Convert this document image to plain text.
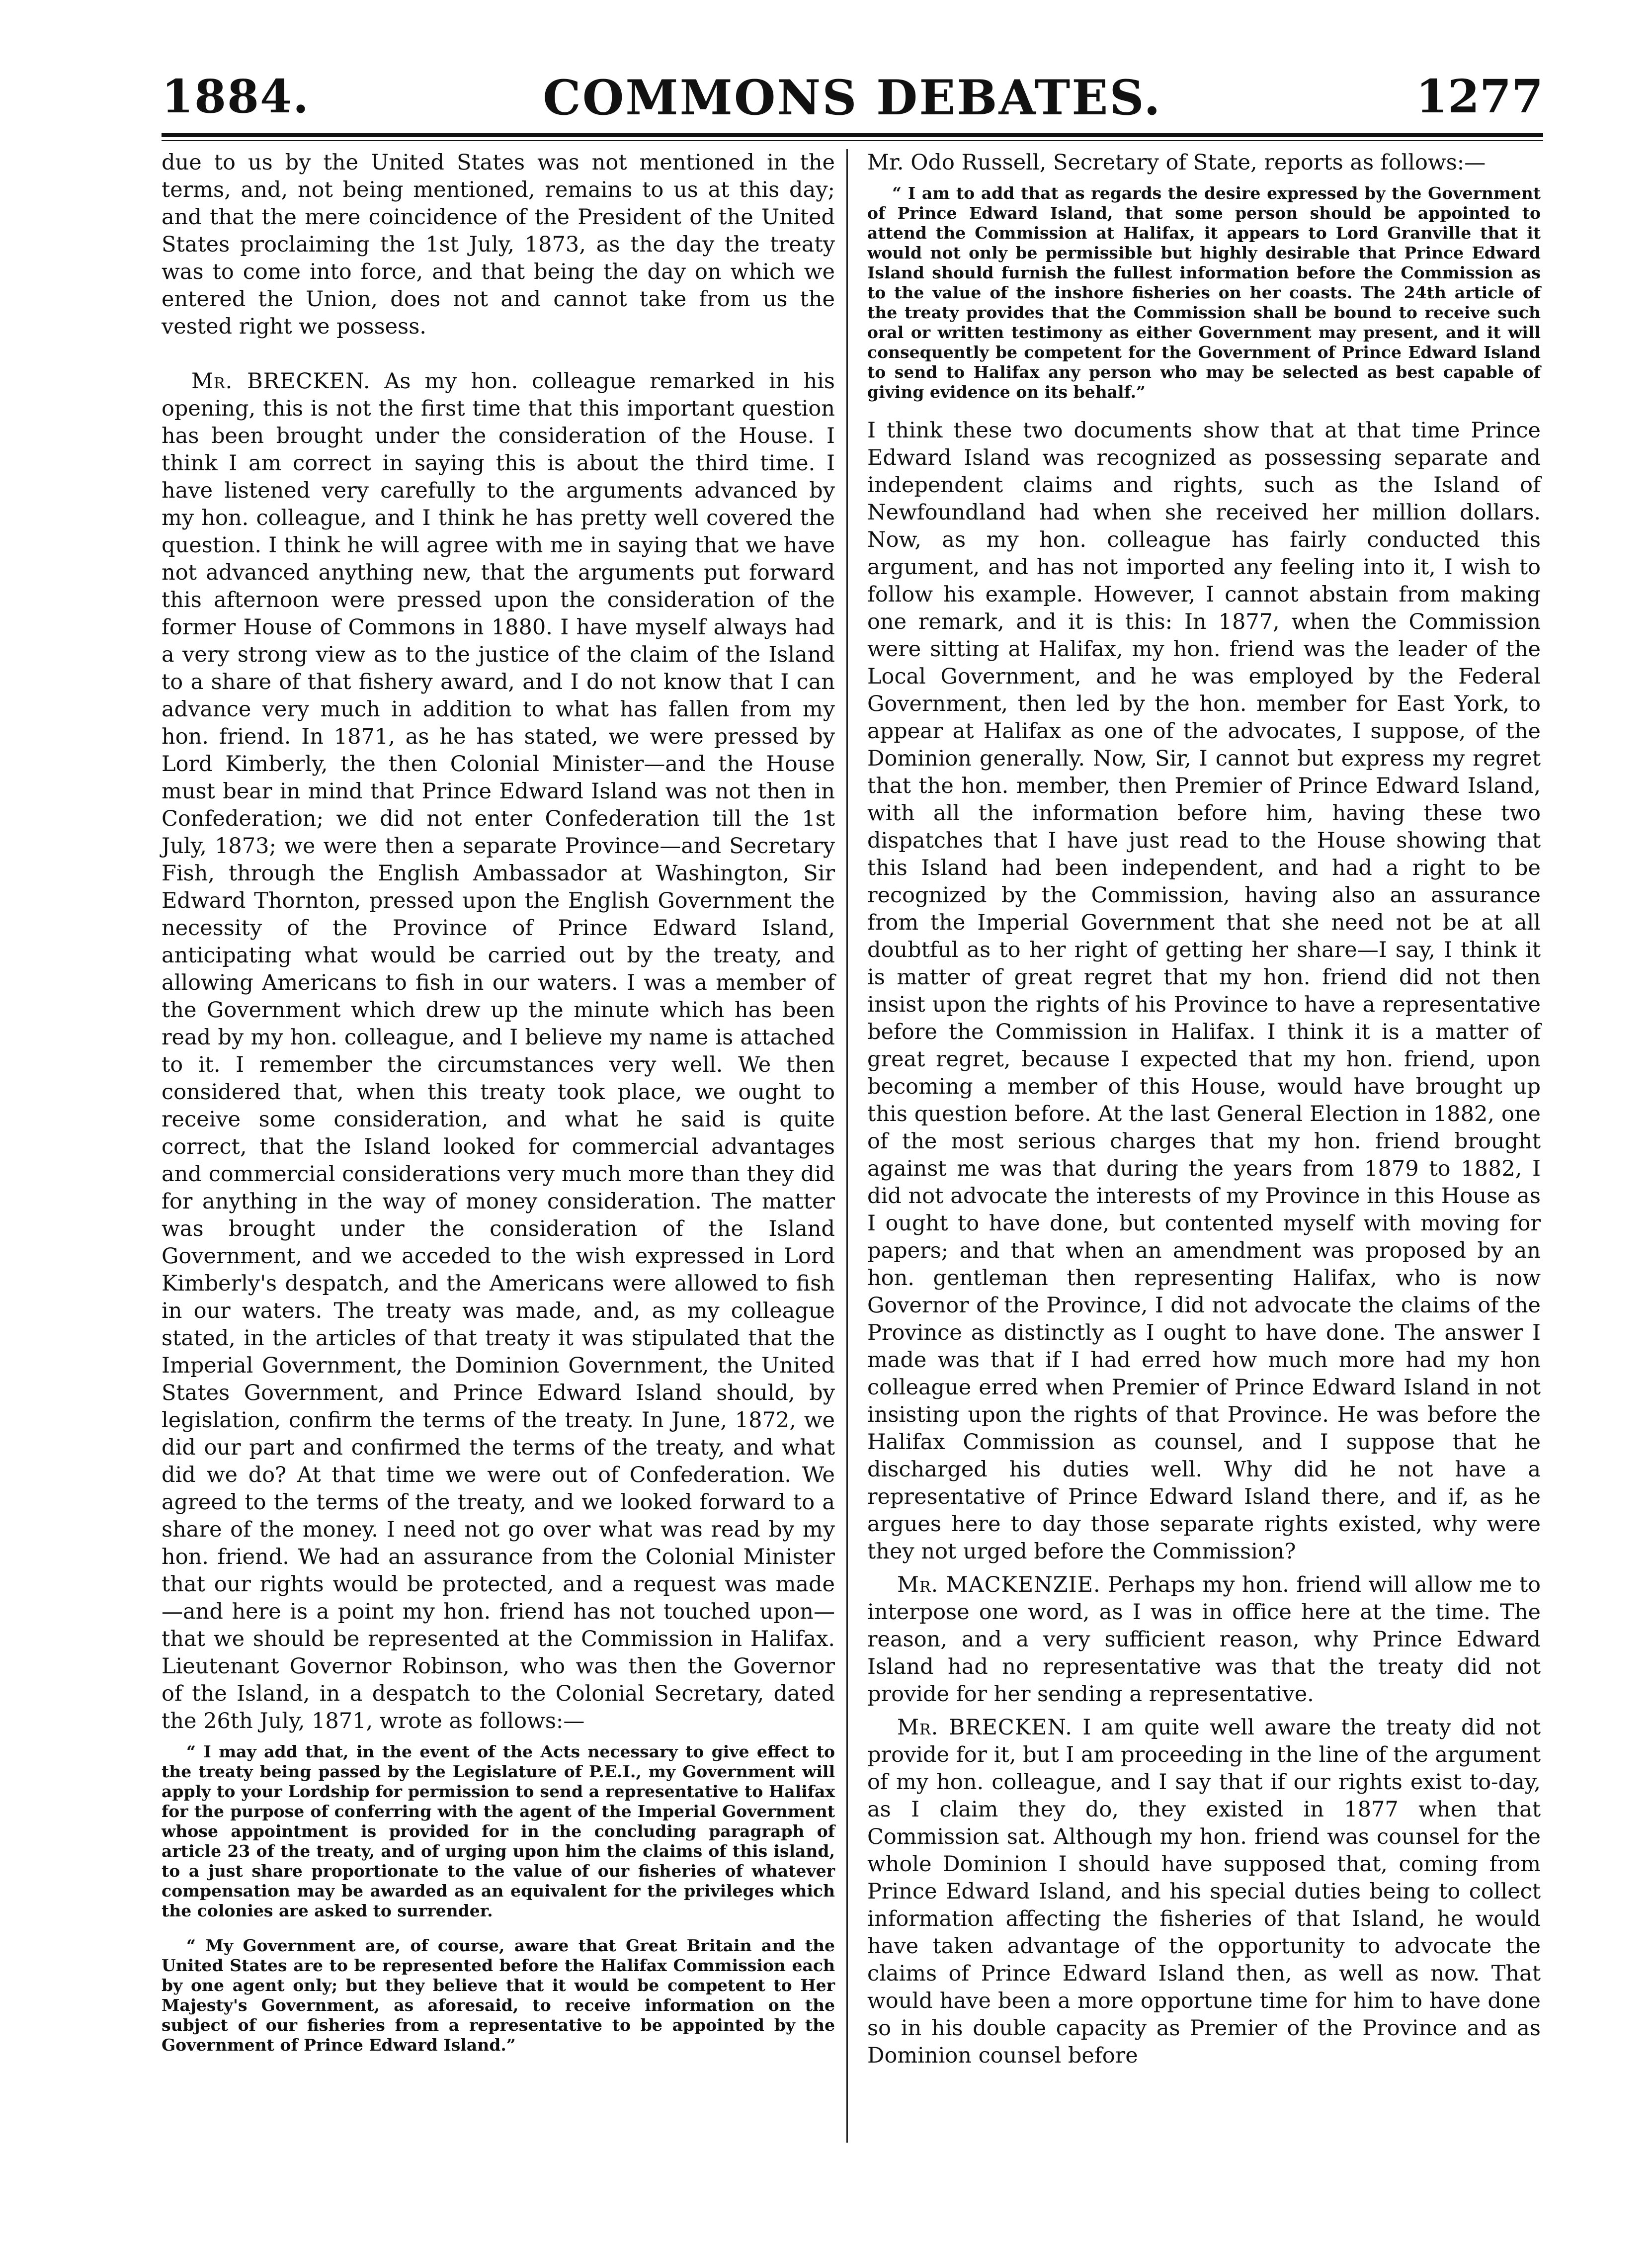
1884.	COMMONS DEBATES.	1277

due to us by the United States was not mentioned in the terms, and, not being mentioned, remains to us at this day; and that the mere coincidence of the President of the United States proclaiming the 1st July, 1873, as the day the treaty was to come into force, and that being the day on which we entered the Union, does not and cannot take from us the vested right we possess.

Mr. BRECKEN. As my hon. colleague remarked in his opening, this is not the first time that this important question has been brought under the consideration of the House. I think I am correct in saying this is about the third time. I have listened very carefully to the arguments advanced by my hon. colleague, and I think he has pretty well covered the question. I think he will agree with me in saying that we have not advanced anything new, that the arguments put forward this afternoon were pressed upon the consideration of the former House of Commons in 1880. I have myself always had a very strong view as to the justice of the claim of the Island to a share of that fishery award, and I do not know that I can advance very much in addition to what has fallen from my hon. friend. In 1871, as he has stated, we were pressed by Lord Kimberly, the then Colonial Minister—and the House must bear in mind that Prince Edward Island was not then in Confederation; we did not enter Confederation till the 1st July, 1873; we were then a separate Province—and Secretary Fish, through the English Ambassador at Washington, Sir Edward Thornton, pressed upon the English Government the necessity of the Province of Prince Edward Island, anticipating what would be carried out by the treaty, and allowing Americans to fish in our waters. I was a member of the Government which drew up the minute which has been read by my hon. colleague, and I believe my name is attached to it. I remember the circumstances very well. We then considered that, when this treaty took place, we ought to receive some consideration, and what he said is quite correct, that the Island looked for commercial advantages and commercial considerations very much more than they did for anything in the way of money consideration. The matter was brought under the consideration of the Island Government, and we acceded to the wish expressed in Lord Kimberly's despatch, and the Americans were allowed to fish in our waters. The treaty was made, and, as my colleague stated, in the articles of that treaty it was stipulated that the Imperial Government, the Dominion Government, the United States Government, and Prince Edward Island should, by legislation, confirm the terms of the treaty. In June, 1872, we did our part and confirmed the terms of the treaty, and what did we do? At that time we were out of Confederation. We agreed to the terms of the treaty, and we looked forward to a share of the money. I need not go over what was read by my hon. friend. We had an assurance from the Colonial Minister that our rights would be protected, and a request was made—and here is a point my hon. friend has not touched upon—that we should be represented at the Commission in Halifax. Lieutenant Governor Robinson, who was then the Governor of the Island, in a despatch to the Colonial Secretary, dated the 26th July, 1871, wrote as follows:—

“ I may add that, in the event of the Acts necessary to give effect to the treaty being passed by the Legislature of P.E.I., my Government will apply to your Lordship for permission to send a representative to Halifax for the purpose of conferring with the agent of the Imperial Government whose appointment is provided for in the concluding paragraph of article 23 of the treaty, and of urging upon him the claims of this island, to a just share proportionate to the value of our fisheries of whatever compensation may be awarded as an equivalent for the privileges which the colonies are asked to surrender.

“ My Government are, of course, aware that Great Britain and the United States are to be represented before the Halifax Commission each by one agent only; but they believe that it would be competent to Her Majesty's Government, as aforesaid, to receive information on the subject of our fisheries from a representative to be appointed by the Government of Prince Edward Island.”

Mr. Odo Russell, Secretary of State, reports as follows:—

“ I am to add that as regards the desire expressed by the Government of Prince Edward Island, that some person should be appointed to attend the Commission at Halifax, it appears to Lord Granville that it would not only be permissible but highly desirable that Prince Edward Island should furnish the fullest information before the Commission as to the value of the inshore fisheries on her coasts. The 24th article of the treaty provides that the Commission shall be bound to receive such oral or written testimony as either Government may present, and it will consequently be competent for the Government of Prince Edward Island to send to Halifax any person who may be selected as best capable of giving evidence on its behalf.”

I think these two documents show that at that time Prince Edward Island was recognized as possessing separate and independent claims and rights, such as the Island of Newfoundland had when she received her million dollars. Now, as my hon. colleague has fairly conducted this argument, and has not imported any feeling into it, I wish to follow his example. However, I cannot abstain from making one remark, and it is this: In 1877, when the Commission were sitting at Halifax, my hon. friend was the leader of the Local Government, and he was employed by the Federal Government, then led by the hon. member for East York, to appear at Halifax as one of the advocates, I suppose, of the Dominion generally. Now, Sir, I cannot but express my regret that the hon. member, then Premier of Prince Edward Island, with all the information before him, having these two dispatches that I have just read to the House showing that this Island had been independent, and had a right to be recognized by the Commission, having also an assurance from the Imperial Government that she need not be at all doubtful as to her right of getting her share—I say, I think it is matter of great regret that my hon. friend did not then insist upon the rights of his Province to have a representative before the Commission in Halifax. I think it is a matter of great regret, because I expected that my hon. friend, upon becoming a member of this House, would have brought up this question before. At the last General Election in 1882, one of the most serious charges that my hon. friend brought against me was that during the years from 1879 to 1882, I did not advocate the interests of my Province in this House as I ought to have done, but contented myself with moving for papers; and that when an amendment was proposed by an hon. gentleman then representing Halifax, who is now Governor of the Province, I did not advocate the claims of the Province as distinctly as I ought to have done. The answer I made was that if I had erred how much more had my hon colleague erred when Premier of Prince Edward Island in not insisting upon the rights of that Province. He was before the Halifax Commission as counsel, and I suppose that he discharged his duties well. Why did he not have a representative of Prince Edward Island there, and if, as he argues here to day those separate rights existed, why were they not urged before the Commission?

Mr. MACKENZIE. Perhaps my hon. friend will allow me to interpose one word, as I was in office here at the time. The reason, and a very sufficient reason, why Prince Edward Island had no representative was that the treaty did not provide for her sending a representative.

Mr. BRECKEN. I am quite well aware the treaty did not provide for it, but I am proceeding in the line of the argument of my hon. colleague, and I say that if our rights exist to-day, as I claim they do, they existed in 1877 when that Commission sat. Although my hon. friend was counsel for the whole Dominion I should have supposed that, coming from Prince Edward Island, and his special duties being to collect information affecting the fisheries of that Island, he would have taken advantage of the opportunity to advocate the claims of Prince Edward Island then, as well as now. That would have been a more opportune time for him to have done so in his double capacity as Premier of the Province and as Dominion counsel before
